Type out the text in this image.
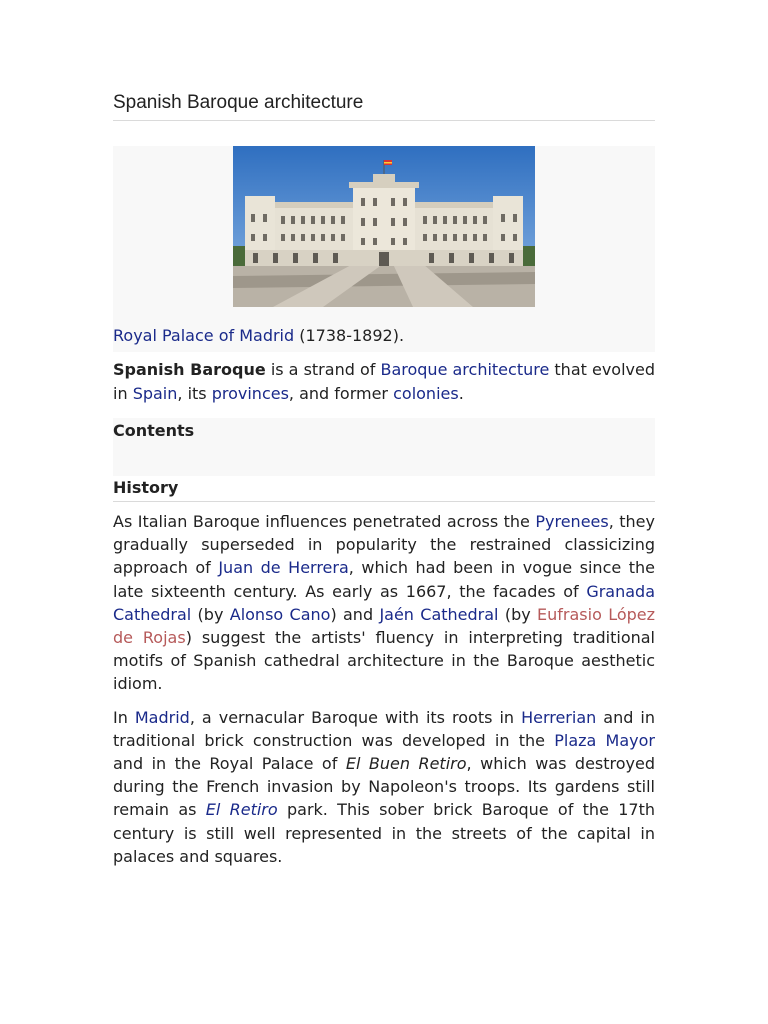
Spanish Baroque architecture
Royal Palace of Madrid (1738-1892).

Spanish Baroque is a strand of Baroque architecture that evolved in Spain, its provinces, and former colonies.

Contents
History

As Italian Baroque influences penetrated across the Pyrenees, they gradually superseded in popularity the restrained classicizing approach of Juan de Herrera, which had been in vogue since the late sixteenth century. As early as 1667, the facades of Granada Cathedral (by Alonso Cano) and Jaén Cathedral (by Eufrasio López de Rojas) suggest the artists' fluency in interpreting traditional motifs of Spanish cathedral architecture in the Baroque aesthetic idiom.

In Madrid, a vernacular Baroque with its roots in Herrerian and in traditional brick construction was developed in the Plaza Mayor and in the Royal Palace of El Buen Retiro, which was destroyed during the French invasion by Napoleon's troops. Its gardens still remain as El Retiro park. This sober brick Baroque of the 17th century is still well represented in the streets of the capital in palaces and squares.
